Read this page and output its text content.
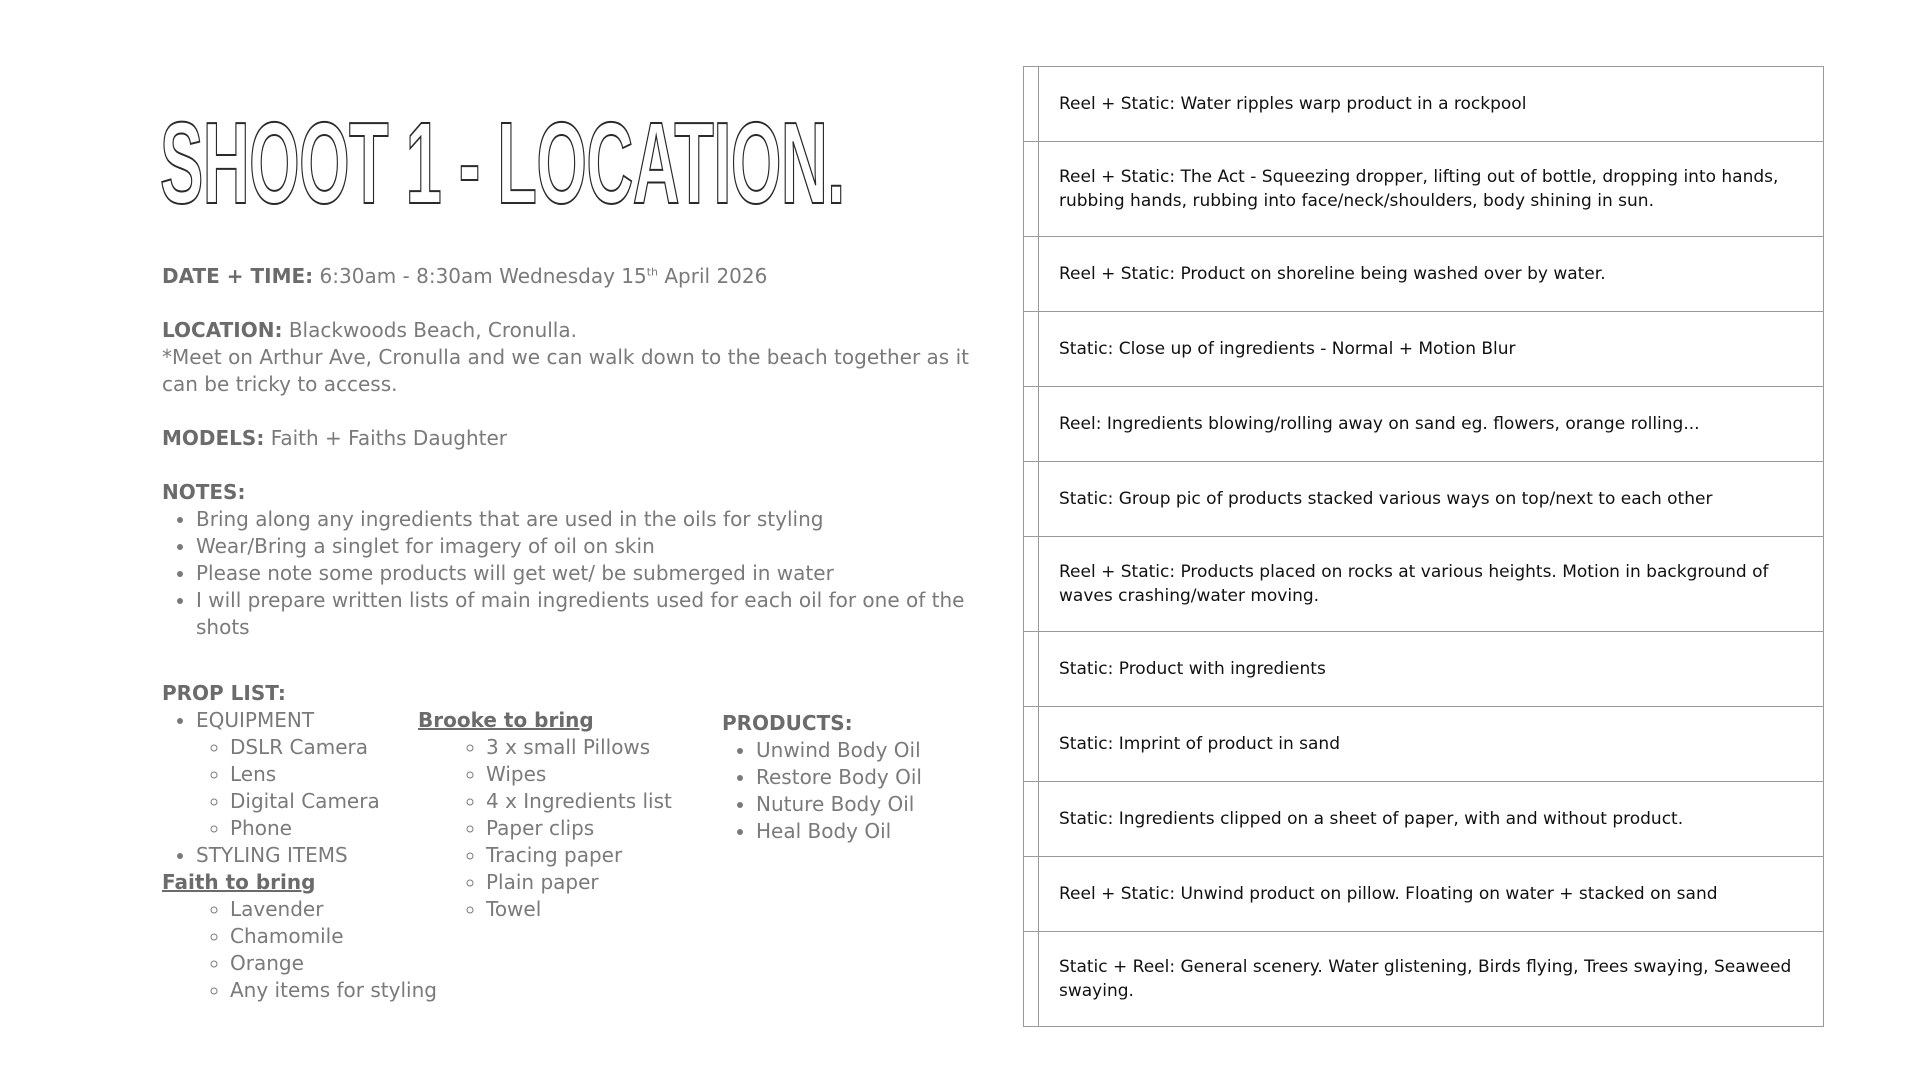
SHOOT 1 - LOCATION.

DATE + TIME: 6:30am - 8:30am Wednesday 15th April 2026

LOCATION: Blackwoods Beach, Cronulla.

*Meet on Arthur Ave, Cronulla and we can walk down to the beach together as it can be tricky to access.

MODELS: Faith + Faiths Daughter

NOTES:

• Bring along any ingredients that are used in the oils for styling
• Wear/Bring a singlet for imagery of oil on skin
• Please note some products will get wet/ be submerged in water
• I will prepare written lists of main ingredients used for each oil for one of the shots

PROP LIST:

• EQUIPMENT
◦ DSLR Camera
◦ Lens
◦ Digital Camera
◦ Phone
• STYLING ITEMS

Faith to bring

◦ Lavender
◦ Chamomile
◦ Orange
◦ Any items for styling

Brooke to bring

◦ 3 x small Pillows
◦ Wipes
◦ 4 x Ingredients list
◦ Paper clips
◦ Tracing paper
◦ Plain paper
◦ Towel

PRODUCTS:

• Unwind Body Oil
• Restore Body Oil
• Nuture Body Oil
• Heal Body Oil
	Reel + Static: Water ripples warp product in a rockpool
	Reel + Static: The Act - Squeezing dropper, lifting out of bottle, dropping into hands, rubbing hands, rubbing into face/neck/shoulders, body shining in sun.
	Reel + Static: Product on shoreline being washed over by water.
	Static: Close up of ingredients - Normal + Motion Blur
	Reel: Ingredients blowing/rolling away on sand eg. flowers, orange rolling...
	Static: Group pic of products stacked various ways on top/next to each other
	Reel + Static: Products placed on rocks at various heights. Motion in background of waves crashing/water moving.
	Static: Product with ingredients
	Static: Imprint of product in sand
	Static: Ingredients clipped on a sheet of paper, with and without product.
	Reel + Static: Unwind product on pillow. Floating on water + stacked on sand
	Static + Reel: General scenery. Water glistening, Birds flying, Trees swaying, Seaweed swaying.
